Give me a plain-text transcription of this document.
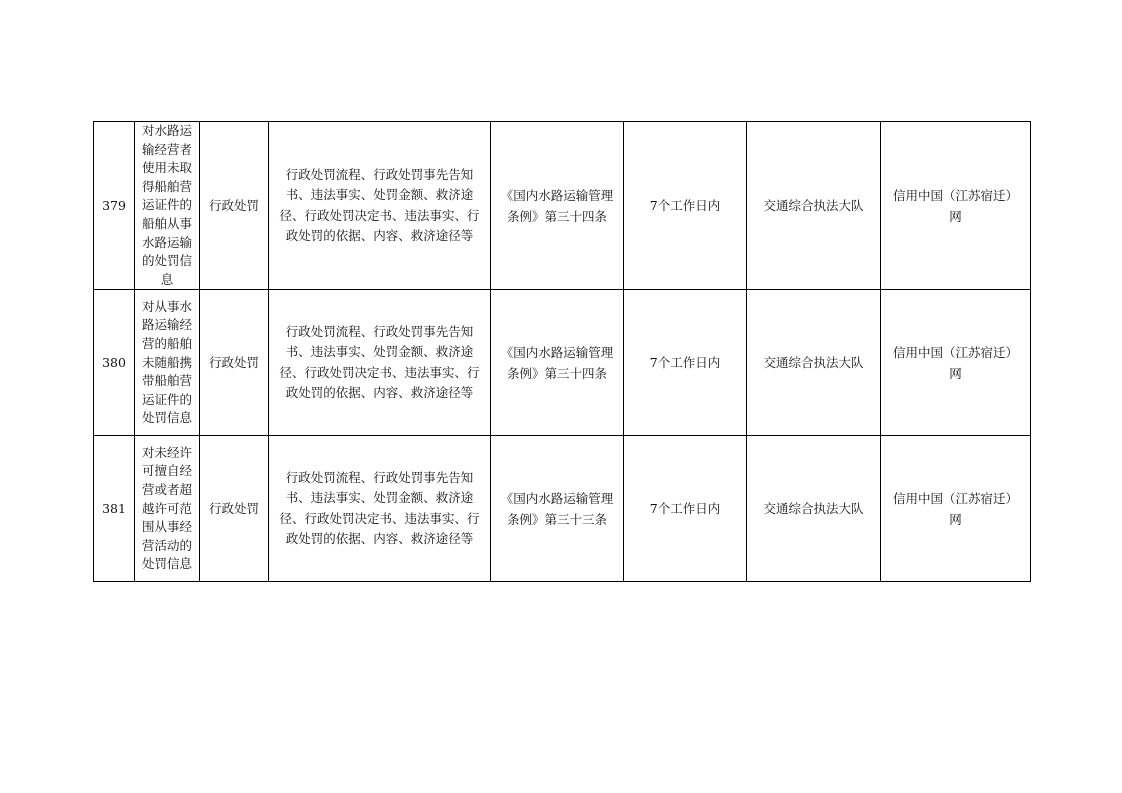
379	对水路运输经营者使用未取得船舶营运证件的船舶从事水路运输的处罚信息	行政处罚	行政处罚流程、行政处罚事先告知书、违法事实、处罚金额、救济途径、行政处罚决定书、违法事实、行政处罚的依据、内容、救济途径等	《国内水路运输管理条例》第三十四条	7个工作日内	交通综合执法大队	信用中国（江苏宿迁）网
380	对从事水路运输经营的船舶未随船携带船舶营运证件的处罚信息	行政处罚	行政处罚流程、行政处罚事先告知书、违法事实、处罚金额、救济途径、行政处罚决定书、违法事实、行政处罚的依据、内容、救济途径等	《国内水路运输管理条例》第三十四条	7个工作日内	交通综合执法大队	信用中国（江苏宿迁）网
381	对未经许可擅自经营或者超越许可范围从事经营活动的处罚信息	行政处罚	行政处罚流程、行政处罚事先告知书、违法事实、处罚金额、救济途径、行政处罚决定书、违法事实、行政处罚的依据、内容、救济途径等	《国内水路运输管理条例》第三十三条	7个工作日内	交通综合执法大队	信用中国（江苏宿迁）网
